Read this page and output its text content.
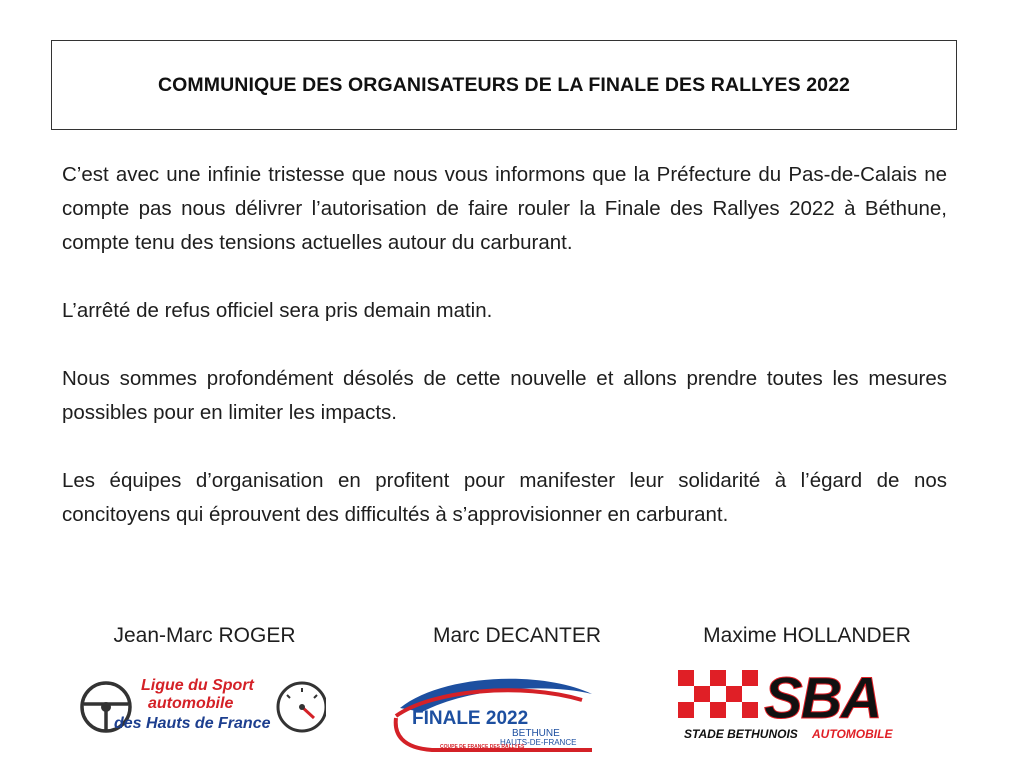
COMMUNIQUE DES ORGANISATEURS DE LA FINALE DES RALLYES 2022

C’est avec une infinie tristesse que nous vous informons que la Préfecture du Pas-de-Calais ne compte pas nous délivrer l’autorisation de faire rouler la Finale des Rallyes 2022 à Béthune, compte tenu des tensions actuelles autour du carburant.

L’arrêté de refus officiel sera pris demain matin.

Nous sommes profondément désolés de cette nouvelle et allons prendre toutes les mesures possibles pour en limiter les impacts.

Les équipes d’organisation en profitent pour manifester leur solidarité à l’égard de nos concitoyens qui éprouvent des difficultés à s’approvisionner en carburant.

Jean-Marc ROGER
Ligue du Sport
automobile
des Hauts de France
Marc DECANTER
FINALE 2022
BETHUNE
HAUTS-DE-FRANCE
COUPE DE FRANCE DES RALLYES
Maxime HOLLANDER
SBA
STADE BETHUNOIS AUTOMOBILE
